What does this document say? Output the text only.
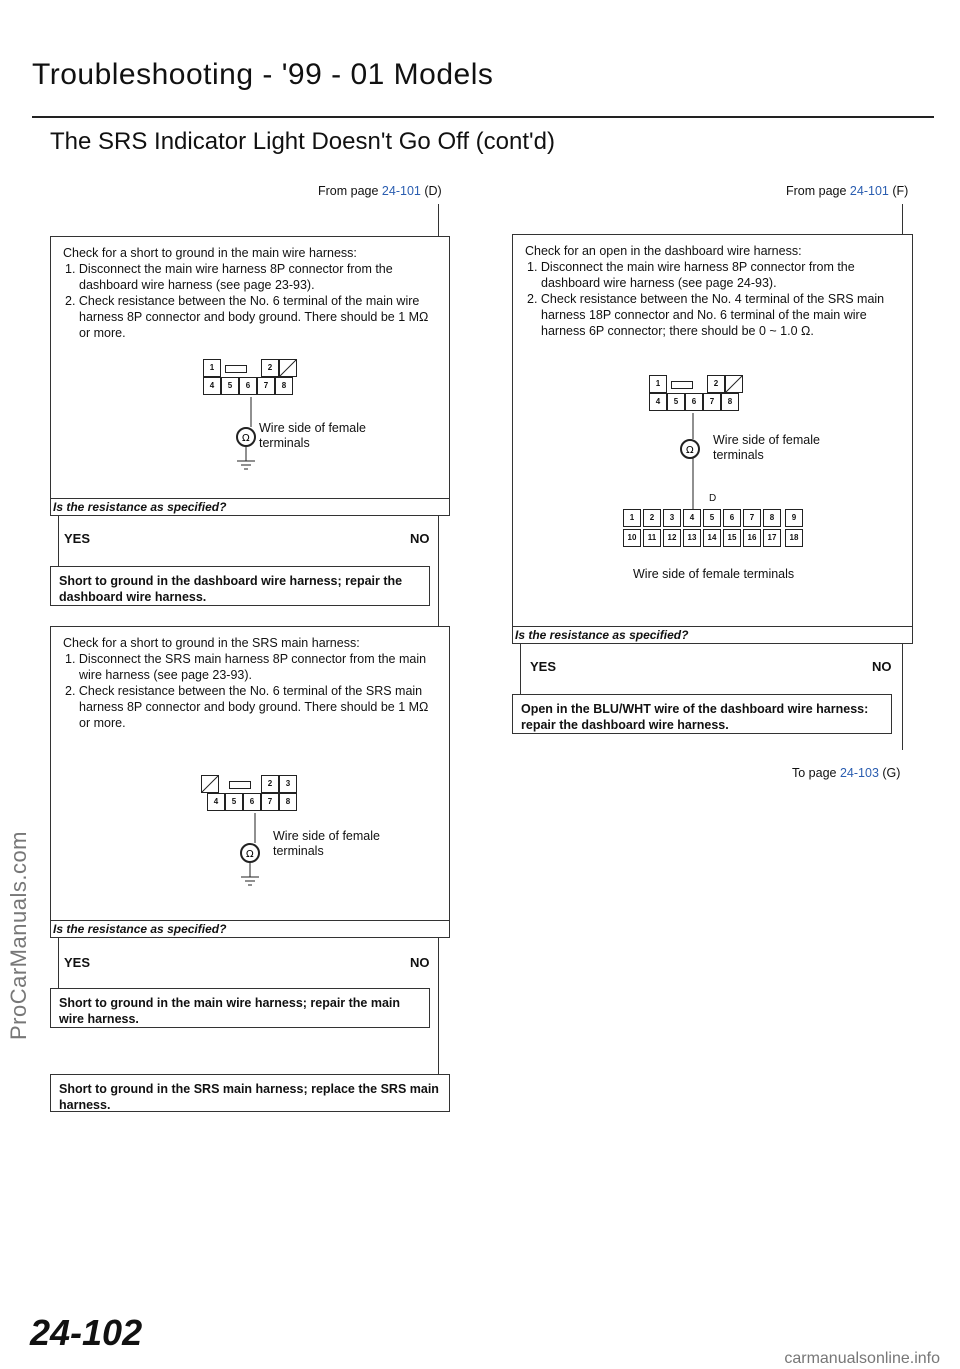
Troubleshooting - '99 - 01 Models
The SRS Indicator Light Doesn't Go Off (cont'd)
From page 24-101 (D)

Check for a short to ground in the main wire harness:

1. Disconnect the main wire harness 8P connector from the dashboard wire harness (see page 23-93).

2. Check resistance between the No. 6 terminal of the main wire harness 8P connector and body ground. There should be 1 MΩ or more.

1	2
4	5	6	7	8
Ω
Wire side of female
terminals
Is the resistance as specified?
YES	NO
Short to ground in the dashboard wire harness; repair the dashboard wire harness.

Check for a short to ground in the SRS main harness:

1. Disconnect the SRS main harness 8P connector from the main wire harness (see page 23-93).

2. Check resistance between the No. 6 terminal of the SRS main harness 8P connector and body ground. There should be 1 MΩ or more.

2	3
4	5	6	7	8
Ω
Wire side of female
terminals
Is the resistance as specified?
YES	NO
Short to ground in the main wire harness; repair the main wire harness.
Short to ground in the SRS main harness; replace the SRS main harness.
From page 24-101 (F)

Check for an open in the dashboard wire harness:

1. Disconnect the main wire harness 8P connector from the dashboard wire harness (see page 24-93).

2. Check resistance between the No. 4 terminal of the SRS main harness 18P connector and No. 6 terminal of the main wire harness 6P connector; there should be 0 ~ 1.0 Ω.

1	2
4	5	6	7	8
Ω
Wire side of female
terminals
D
1	2	3	4	5	6	7	8	9
10	11	12	13	14	15	16	17	18
Wire side of female terminals
Is the resistance as specified?
YES	NO
Open in the BLU/WHT wire of the dashboard wire harness: repair the dashboard wire harness.
To page 24-103 (G)
24-102
ProCarManuals.com
carmanualsonline.info
